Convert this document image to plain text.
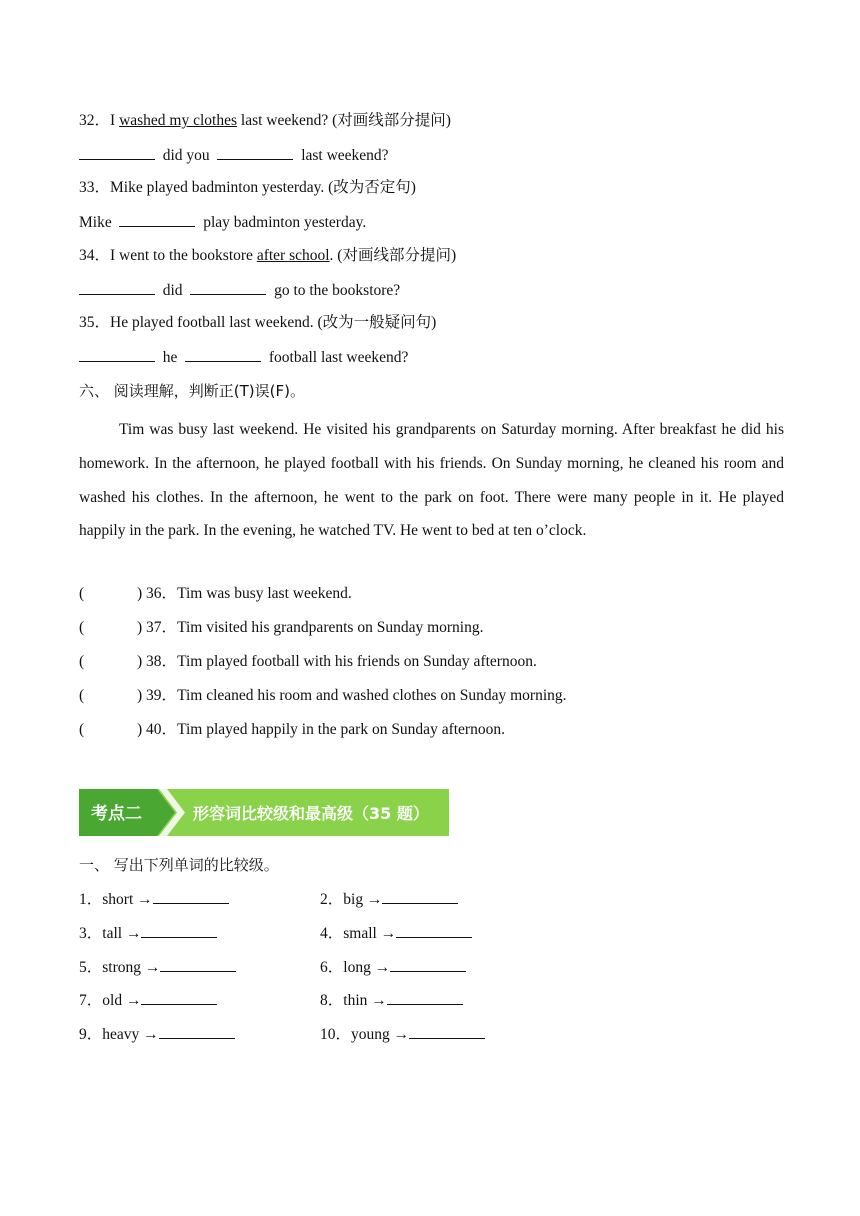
32．I washed my clothes last weekend? (对画线部分提问)
did you	last weekend?
33．Mike played badminton yesterday. (改为否定句)
Mike	play badminton yesterday.
34．I went to the bookstore after school. (对画线部分提问)
did	go to the bookstore?
35．He played football last weekend. (改为一般疑问句)
he	football last weekend?
六、 阅读理解，判断正(T)误(F)。
Tim was busy last weekend. He visited his grandparents on Saturday morning. After breakfast he did his homework. In the afternoon, he played football with his friends. On Sunday morning, he cleaned his room and washed his clothes. In the afternoon, he went to the park on foot. There were many people in it. He played happily in the park. In the evening, he watched TV. He went to bed at ten o’clock.
(	) 36．Tim was busy last weekend.
(	) 37．Tim visited his grandparents on Sunday morning.
(	) 38．Tim played football with his friends on Sunday afternoon.
(	) 39．Tim cleaned his room and washed clothes on Sunday morning.
(	) 40．Tim played happily in the park on Sunday afternoon.
考点二	形容词比较级和最高级（35 题）
一、 写出下列单词的比较级。
1．short →	2．big →
3．tall →	4．small →
5．strong →	6．long →
7．old →	8．thin →
9．heavy →	10．young →
